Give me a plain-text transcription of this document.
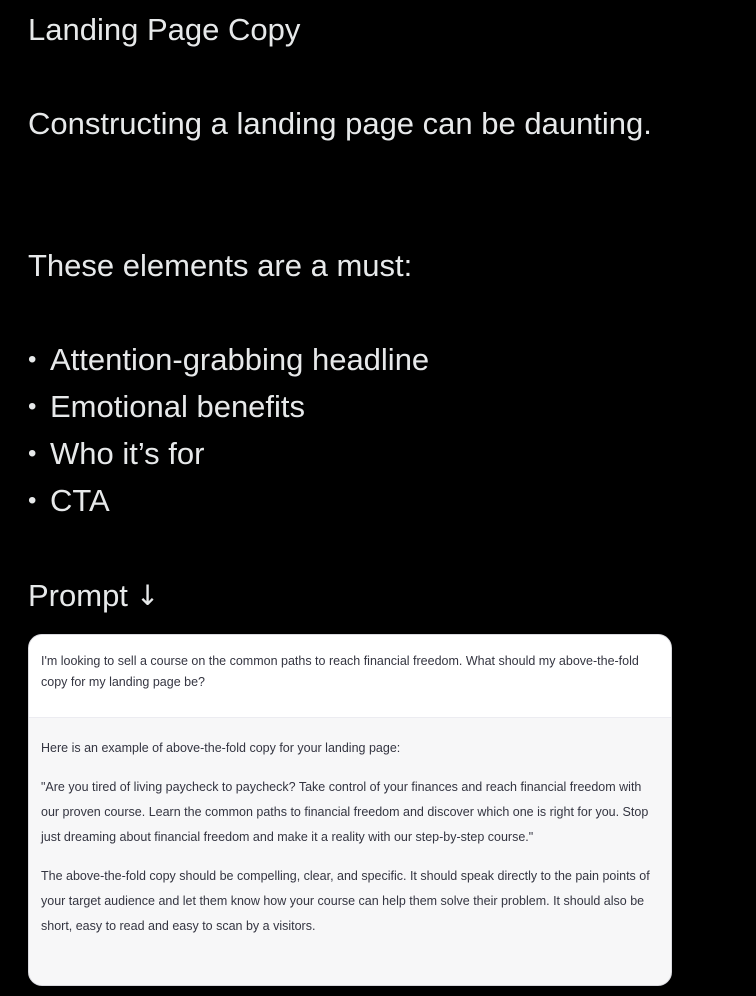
Landing Page Copy

Constructing a landing page can be daunting.

These elements are a must:

• Attention-grabbing headline
• Emotional benefits
• Who it’s for
• CTA

Prompt ↓

I'm looking to sell a course on the common paths to reach financial freedom. What should my above-the-fold copy for my landing page be?

Here is an example of above-the-fold copy for your landing page:

"Are you tired of living paycheck to paycheck? Take control of your finances and reach financial freedom with our proven course. Learn the common paths to financial freedom and discover which one is right for you. Stop just dreaming about financial freedom and make it a reality with our step-by-step course."

The above-the-fold copy should be compelling, clear, and specific. It should speak directly to the pain points of your target audience and let them know how your course can help them solve their problem. It should also be short, easy to read and easy to scan by a visitors.
